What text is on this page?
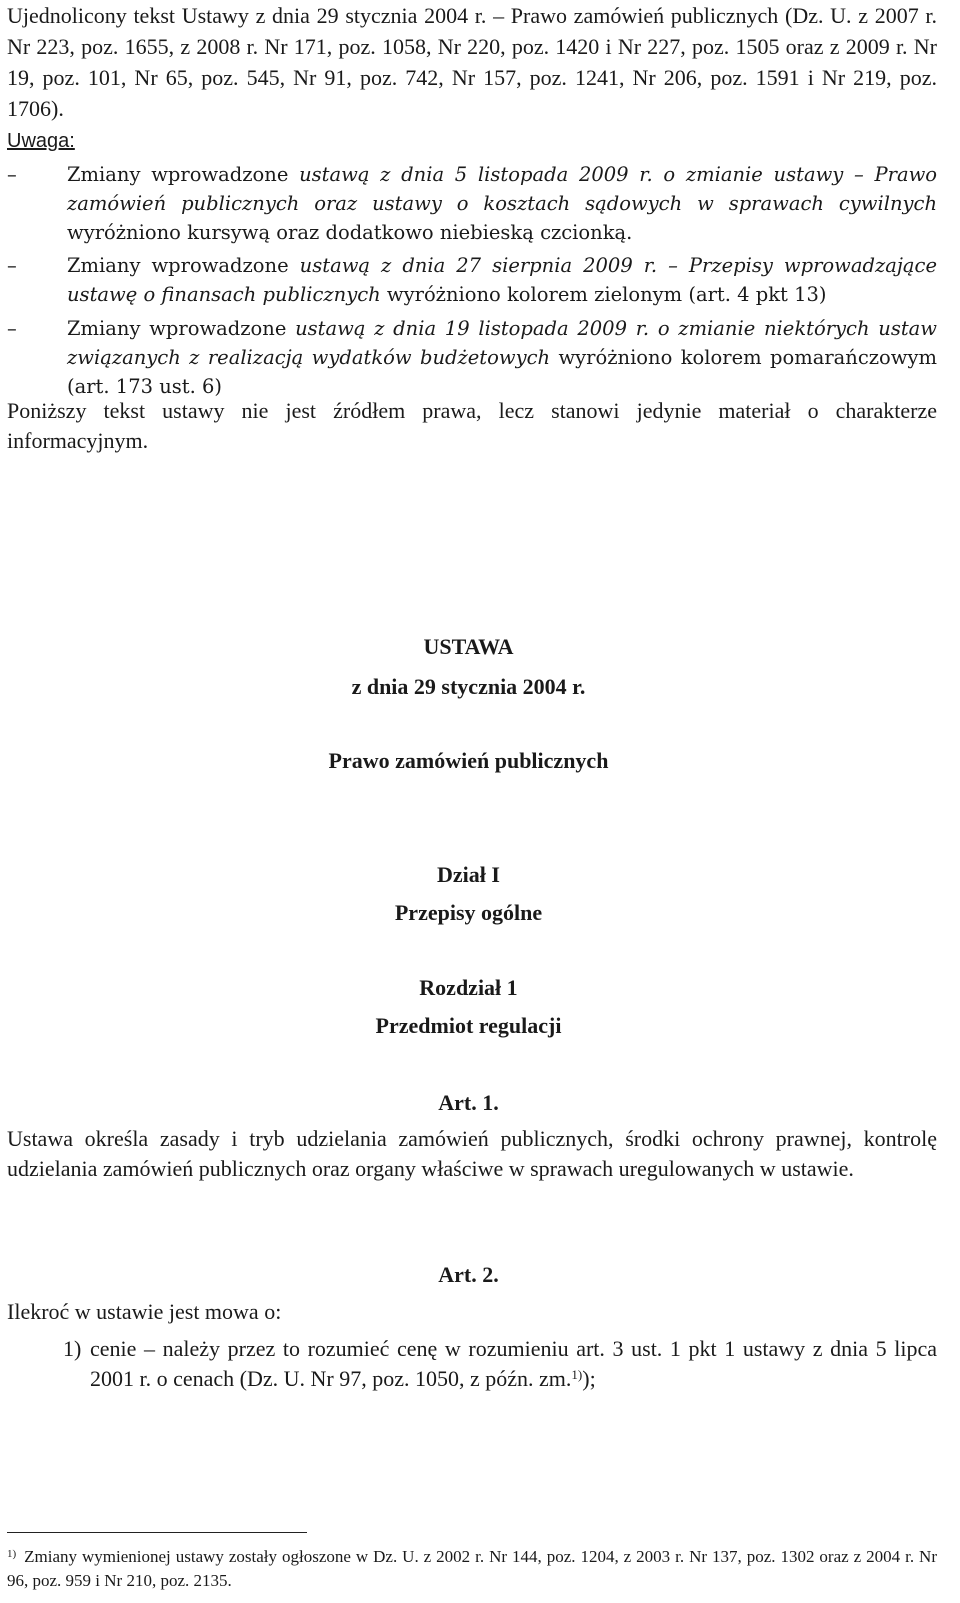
Ujednolicony tekst Ustawy z dnia 29 stycznia 2004 r. – Prawo zamówień publicznych (Dz. U. z 2007 r. Nr 223, poz. 1655, z 2008 r. Nr 171, poz. 1058, Nr 220, poz. 1420 i Nr 227, poz. 1505 oraz z 2009 r. Nr 19, poz. 101, Nr 65, poz. 545, Nr 91, poz. 742, Nr 157, poz. 1241, Nr 206, poz. 1591 i Nr 219, poz. 1706).
Uwaga:
–	Zmiany wprowadzone ustawą z dnia 5 listopada 2009 r. o zmianie ustawy – Prawo zamówień publicznych oraz ustawy o kosztach sądowych w sprawach cywilnych wyróżniono kursywą oraz dodatkowo niebieską czcionką.
–	Zmiany wprowadzone ustawą z dnia 27 sierpnia 2009 r. – Przepisy wprowadzające ustawę o finansach publicznych wyróżniono kolorem zielonym (art. 4 pkt 13)
–	Zmiany wprowadzone ustawą z dnia 19 listopada 2009 r. o zmianie niektórych ustaw związanych z realizacją wydatków budżetowych wyróżniono kolorem pomarańczowym (art. 173 ust. 6)
Poniższy tekst ustawy nie jest źródłem prawa, lecz stanowi jedynie materiał o charakterze informacyjnym.
USTAWA
z dnia 29 stycznia 2004 r.
Prawo zamówień publicznych
Dział I
Przepisy ogólne
Rozdział 1
Przedmiot regulacji
Art. 1.
Ustawa określa zasady i tryb udzielania zamówień publicznych, środki ochrony prawnej, kontrolę udzielania zamówień publicznych oraz organy właściwe w sprawach uregulowanych w ustawie.
Art. 2.
Ilekroć w ustawie jest mowa o:
1) cenie – należy przez to rozumieć cenę w rozumieniu art. 3 ust. 1 pkt 1 ustawy z dnia 5 lipca 2001 r. o cenach (Dz. U. Nr 97, poz. 1050, z późn. zm.$^{1)}$);
$^{1)}$ Zmiany wymienionej ustawy zostały ogłoszone w Dz. U. z 2002 r. Nr 144, poz. 1204, z 2003 r. Nr 137, poz. 1302 oraz z 2004 r. Nr 96, poz. 959 i Nr 210, poz. 2135.
